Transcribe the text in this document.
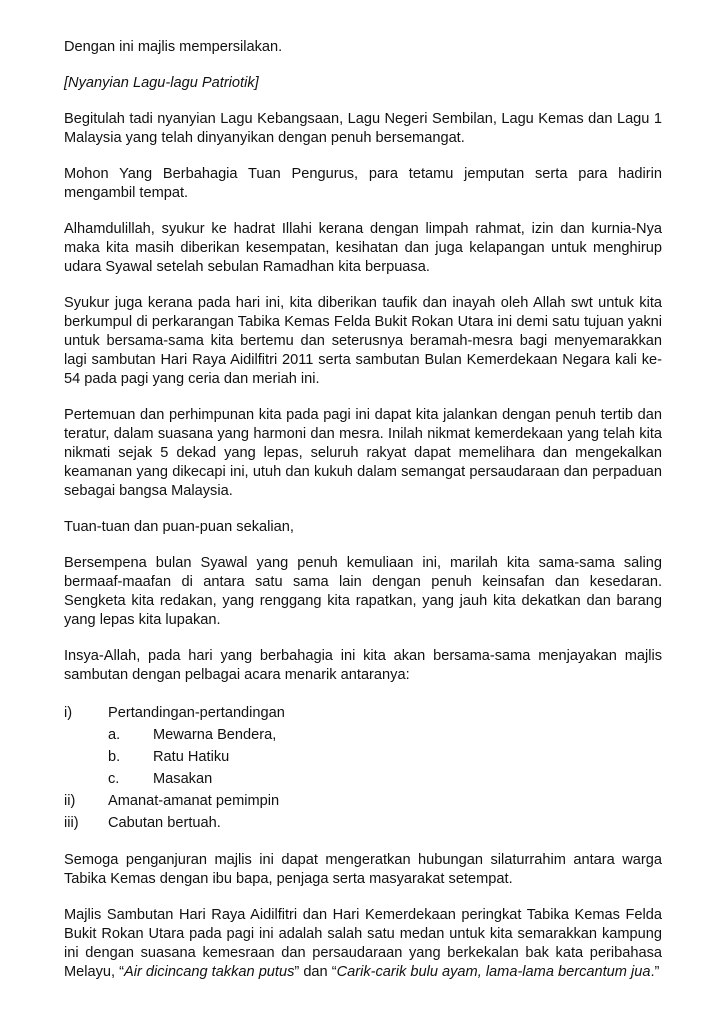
Dengan ini majlis mempersilakan.

[Nyanyian Lagu-lagu Patriotik]

Begitulah tadi nyanyian Lagu Kebangsaan, Lagu Negeri Sembilan, Lagu Kemas dan Lagu 1 Malaysia yang telah dinyanyikan dengan penuh bersemangat.

Mohon Yang Berbahagia Tuan Pengurus, para tetamu jemputan serta para hadirin mengambil tempat.

Alhamdulillah, syukur ke hadrat Illahi kerana dengan limpah rahmat, izin dan kurnia-Nya maka kita masih diberikan kesempatan, kesihatan dan juga kelapangan untuk menghirup udara Syawal setelah sebulan Ramadhan kita berpuasa.

Syukur juga kerana pada hari ini, kita diberikan taufik dan inayah oleh Allah swt untuk kita berkumpul di perkarangan Tabika Kemas Felda Bukit Rokan Utara ini demi satu tujuan yakni untuk bersama-sama kita bertemu dan seterusnya beramah-mesra bagi menyemarakkan lagi sambutan Hari Raya Aidilfitri 2011 serta sambutan Bulan Kemerdekaan Negara kali ke-54 pada pagi yang ceria dan meriah ini.

Pertemuan dan perhimpunan kita pada pagi ini dapat kita jalankan dengan penuh tertib dan teratur, dalam suasana yang harmoni dan mesra. Inilah nikmat kemerdekaan yang telah kita nikmati sejak 5 dekad yang lepas, seluruh rakyat dapat memelihara dan mengekalkan keamanan yang dikecapi ini, utuh dan kukuh dalam semangat persaudaraan dan perpaduan sebagai bangsa Malaysia.

Tuan-tuan dan puan-puan sekalian,

Bersempena bulan Syawal yang penuh kemuliaan ini, marilah kita sama-sama saling bermaaf-maafan di antara satu sama lain dengan penuh keinsafan dan kesedaran. Sengketa kita redakan, yang renggang kita rapatkan, yang jauh kita dekatkan dan barang yang lepas kita lupakan.

Insya-Allah, pada hari yang berbahagia ini kita akan bersama-sama menjayakan majlis sambutan dengan pelbagai acara menarik antaranya:

i)	Pertandingan-pertandingan
a.	Mewarna Bendera,
b.	Ratu Hatiku
c.	Masakan
ii)	Amanat-amanat pemimpin
iii)	Cabutan bertuah.

Semoga penganjuran majlis ini dapat mengeratkan hubungan silaturrahim antara warga Tabika Kemas dengan ibu bapa, penjaga serta masyarakat setempat.

Majlis Sambutan Hari Raya Aidilfitri dan Hari Kemerdekaan peringkat Tabika Kemas Felda Bukit Rokan Utara pada pagi ini adalah salah satu medan untuk kita semarakkan kampung ini dengan suasana kemesraan dan persaudaraan yang berkekalan bak kata peribahasa Melayu, “Air dicincang takkan putus” dan “Carik-carik bulu ayam, lama-lama bercantum jua.”
